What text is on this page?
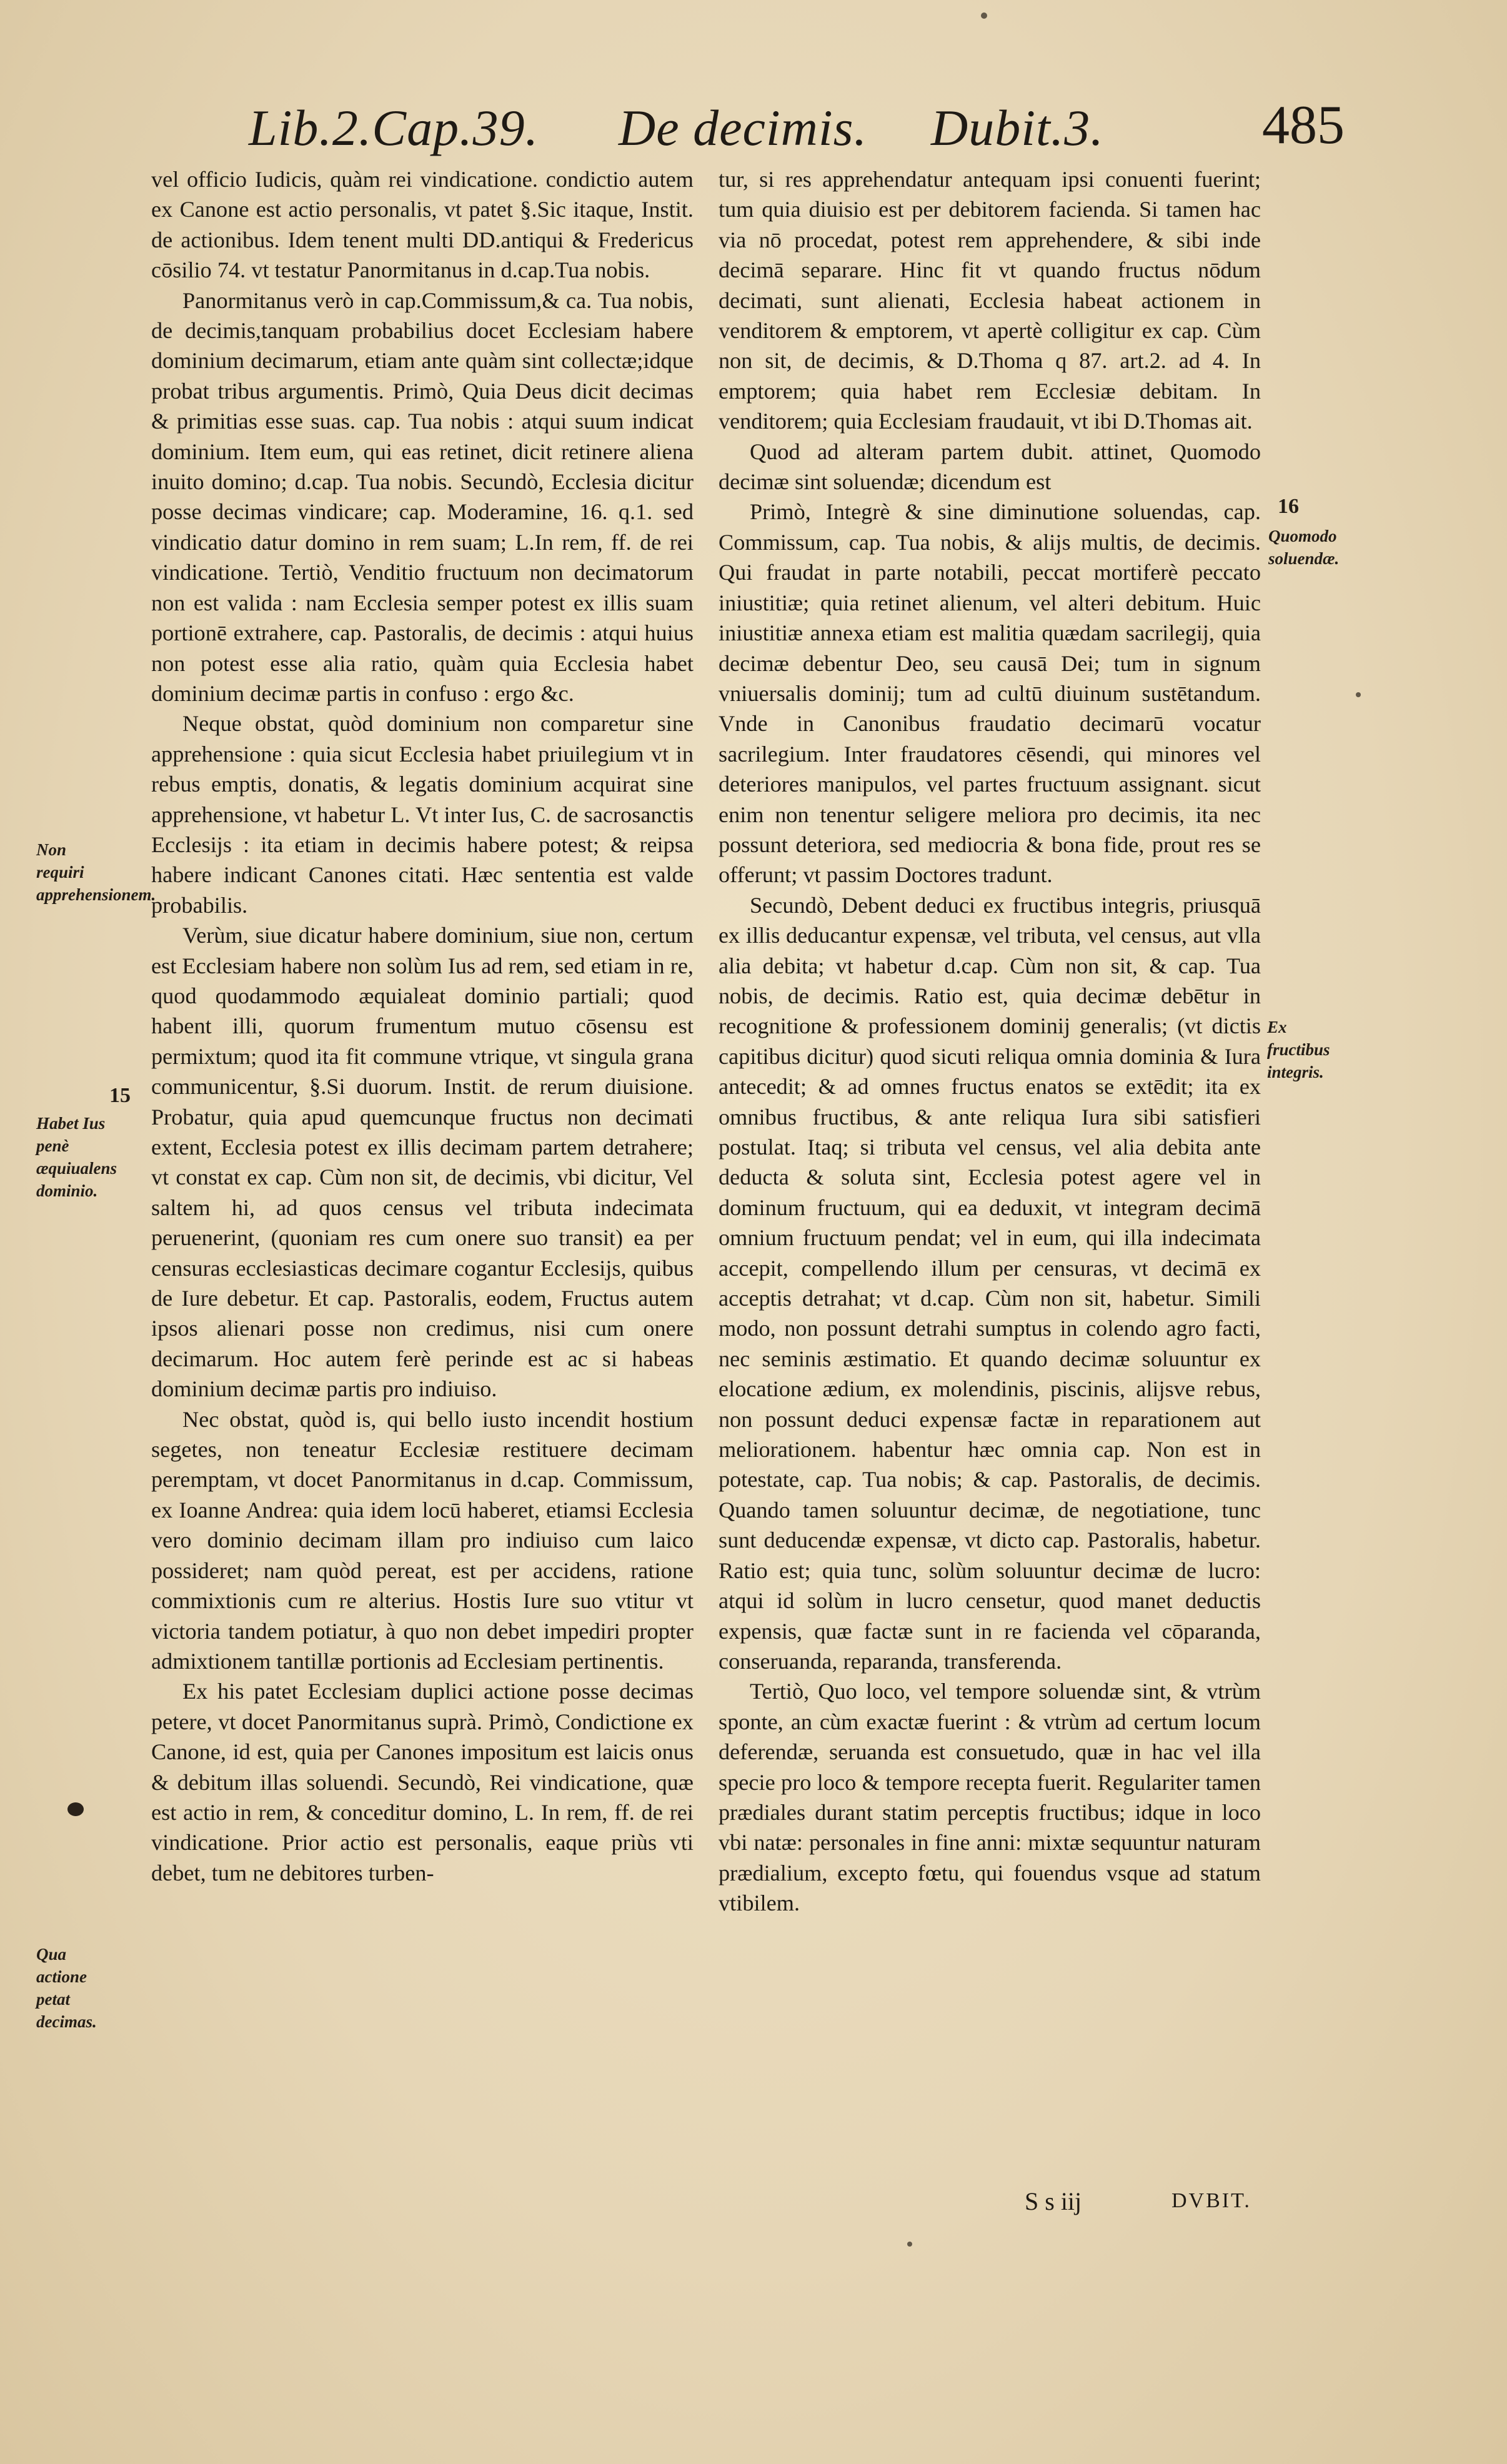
Lib.2.Cap.39. De decimis. Dubit.3.	485

vel officio Iudicis, quàm rei vindicatione. condictio autem ex Canone est actio personalis, vt patet §.Sic itaque, Instit. de actionibus. Idem tenent multi DD.antiqui & Fredericus cōsilio 74. vt testatur Panormitanus in d.cap.Tua nobis.

Panormitanus verò in cap.Commissum,& ca. Tua nobis, de decimis,tanquam probabilius docet Ecclesiam habere dominium decimarum, etiam ante quàm sint collectæ;idque probat tribus argumentis. Primò, Quia Deus dicit decimas & primitias esse suas. cap. Tua nobis : atqui suum indicat dominium. Item eum, qui eas retinet, dicit retinere aliena inuito domino; d.cap. Tua nobis. Secundò, Ecclesia dicitur posse decimas vindicare; cap. Moderamine, 16. q.1. sed vindicatio datur domino in rem suam; L.In rem, ff. de rei vindicatione. Tertiò, Venditio fructuum non decimatorum non est valida : nam Ecclesia semper potest ex illis suam portionē extrahere, cap. Pastoralis, de decimis : atqui huius non potest esse alia ratio, quàm quia Ecclesia habet dominium decimæ partis in confuso : ergo &c.

Neque obstat, quòd dominium non comparetur sine apprehensione : quia sicut Ecclesia habet priuilegium vt in rebus emptis, donatis, & legatis dominium acquirat sine apprehensione, vt habetur L. Vt inter Ius, C. de sacrosanctis Ecclesijs : ita etiam in decimis habere potest; & reipsa habere indicant Canones citati. Hæc sententia est valde probabilis.

Verùm, siue dicatur habere dominium, siue non, certum est Ecclesiam habere non solùm Ius ad rem, sed etiam in re, quod quodammodo æquialeat dominio partiali; quod habent illi, quorum frumentum mutuo cōsensu est permixtum; quod ita fit commune vtrique, vt singula grana communicentur, §.Si duorum. Instit. de rerum diuisione. Probatur, quia apud quemcunque fructus non decimati extent, Ecclesia potest ex illis decimam partem detrahere; vt constat ex cap. Cùm non sit, de decimis, vbi dicitur, Vel saltem hi, ad quos census vel tributa indecimata peruenerint, (quoniam res cum onere suo transit) ea per censuras ecclesiasticas decimare cogantur Ecclesijs, quibus de Iure debetur. Et cap. Pastoralis, eodem, Fructus autem ipsos alienari posse non credimus, nisi cum onere decimarum. Hoc autem ferè perinde est ac si habeas dominium decimæ partis pro indiuiso.

Nec obstat, quòd is, qui bello iusto incendit hostium segetes, non teneatur Ecclesiæ restituere decimam peremptam, vt docet Panormitanus in d.cap. Commissum, ex Ioanne Andrea: quia idem locū haberet, etiamsi Ecclesia vero dominio decimam illam pro indiuiso cum laico possideret; nam quòd pereat, est per accidens, ratione commixtionis cum re alterius. Hostis Iure suo vtitur vt victoria tandem potiatur, à quo non debet impediri propter admixtionem tantillæ portionis ad Ecclesiam pertinentis.

Ex his patet Ecclesiam duplici actione posse decimas petere, vt docet Panormitanus suprà. Primò, Condictione ex Canone, id est, quia per Canones impositum est laicis onus & debitum illas soluendi. Secundò, Rei vindicatione, quæ est actio in rem, & conceditur domino, L. In rem, ff. de rei vindicatione. Prior actio est personalis, eaque priùs vti debet, tum ne debitores turben-

tur, si res apprehendatur antequam ipsi conuenti fuerint; tum quia diuisio est per debitorem facienda. Si tamen hac via nō procedat, potest rem apprehendere, & sibi inde decimā separare. Hinc fit vt quando fructus nōdum decimati, sunt alienati, Ecclesia habeat actionem in venditorem & emptorem, vt apertè colligitur ex cap. Cùm non sit, de decimis, & D.Thoma q 87. art.2. ad 4. In emptorem; quia habet rem Ecclesiæ debitam. In venditorem; quia Ecclesiam fraudauit, vt ibi D.Thomas ait.

Quod ad alteram partem dubit. attinet, Quomodo decimæ sint soluendæ; dicendum est

Primò, Integrè & sine diminutione soluendas, cap. Commissum, cap. Tua nobis, & alijs multis, de decimis. Qui fraudat in parte notabili, peccat mortiferè peccato iniustitiæ; quia retinet alienum, vel alteri debitum. Huic iniustitiæ annexa etiam est malitia quædam sacrilegij, quia decimæ debentur Deo, seu causā Dei; tum in signum vniuersalis dominij; tum ad cultū diuinum sustētandum. Vnde in Canonibus fraudatio decimarū vocatur sacrilegium. Inter fraudatores cēsendi, qui minores vel deteriores manipulos, vel partes fructuum assignant. sicut enim non tenentur seligere meliora pro decimis, ita nec possunt deteriora, sed mediocria & bona fide, prout res se offerunt; vt passim Doctores tradunt.

Secundò, Debent deduci ex fructibus integris, priusquā ex illis deducantur expensæ, vel tributa, vel census, aut vlla alia debita; vt habetur d.cap. Cùm non sit, & cap. Tua nobis, de decimis. Ratio est, quia decimæ debētur in recognitione & professionem dominij generalis; (vt dictis capitibus dicitur) quod sicuti reliqua omnia dominia & Iura antecedit; & ad omnes fructus enatos se extēdit; ita ex omnibus fructibus, & ante reliqua Iura sibi satisfieri postulat. Itaq; si tributa vel census, vel alia debita ante deducta & soluta sint, Ecclesia potest agere vel in dominum fructuum, qui ea deduxit, vt integram decimā omnium fructuum pendat; vel in eum, qui illa indecimata accepit, compellendo illum per censuras, vt decimā ex acceptis detrahat; vt d.cap. Cùm non sit, habetur. Simili modo, non possunt detrahi sumptus in colendo agro facti, nec seminis æstimatio. Et quando decimæ soluuntur ex elocatione ædium, ex molendinis, piscinis, alijsve rebus, non possunt deduci expensæ factæ in reparationem aut meliorationem. habentur hæc omnia cap. Non est in potestate, cap. Tua nobis; & cap. Pastoralis, de decimis. Quando tamen soluuntur decimæ, de negotiatione, tunc sunt deducendæ expensæ, vt dicto cap. Pastoralis, habetur. Ratio est; quia tunc, solùm soluuntur decimæ de lucro: atqui id solùm in lucro censetur, quod manet deductis expensis, quæ factæ sunt in re facienda vel cōparanda, conseruanda, reparanda, transferenda.

Tertiò, Quo loco, vel tempore soluendæ sint, & vtrùm sponte, an cùm exactæ fuerint : & vtrùm ad certum locum deferendæ, seruanda est consuetudo, quæ in hac vel illa specie pro loco & tempore recepta fuerit. Regulariter tamen prædiales durant statim perceptis fructibus; idque in loco vbi natæ: personales in fine anni: mixtæ sequuntur naturam prædialium, excepto fœtu, qui fouendus vsque ad statum vtibilem.

Non requiri apprehensionem.
15
Habet Ius penè æquiualens dominio.
Qua actione petat decimas.
16
Quomodo soluendæ.
Ex fructibus integris.
S s iij	DVBIT.
